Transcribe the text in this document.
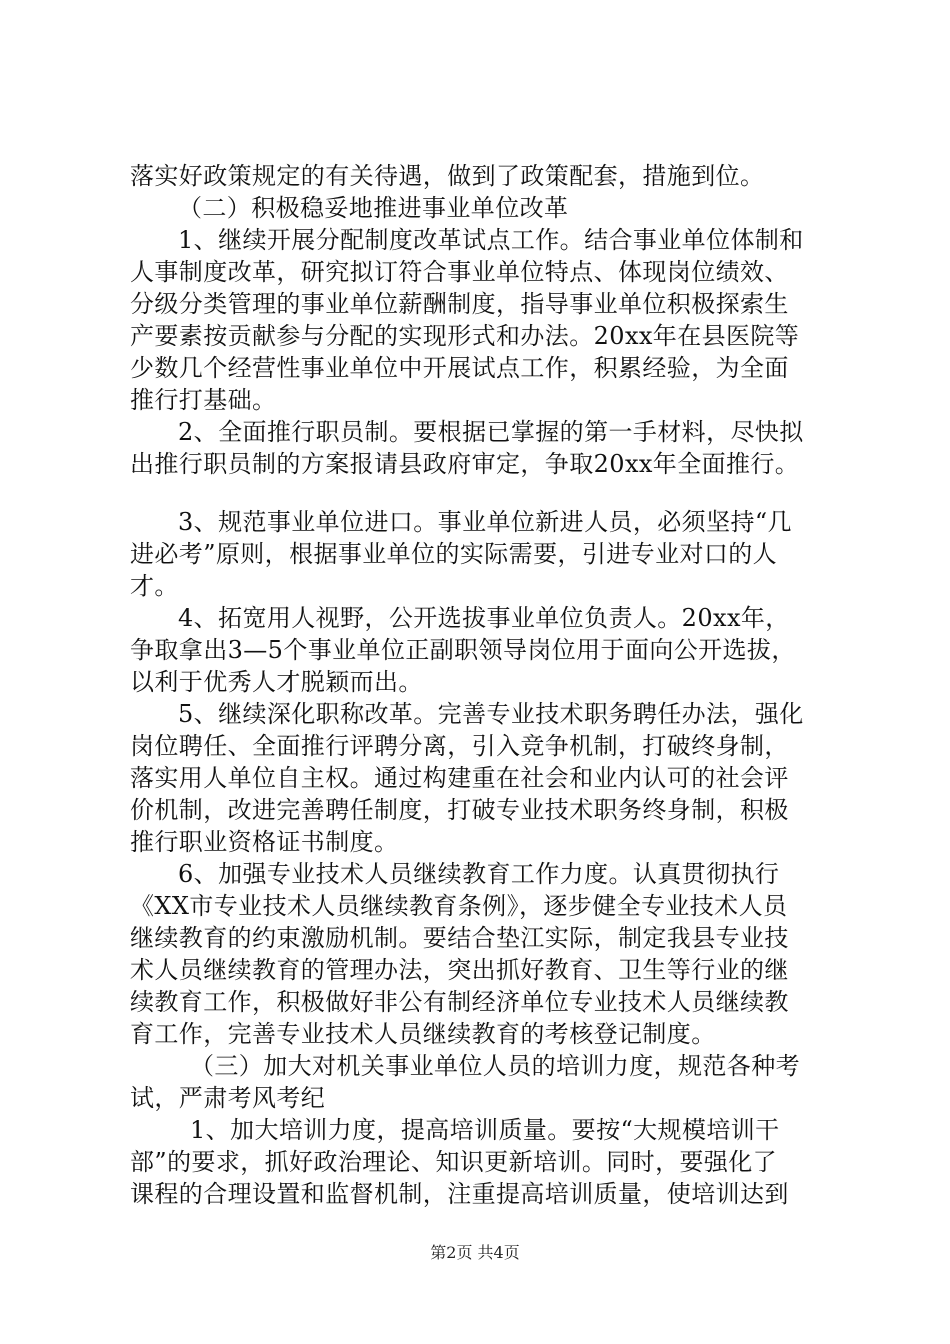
落实好政策规定的有关待遇，做到了政策配套，措施到位。
（二）积极稳妥地推进事业单位改革
1、继续开展分配制度改革试点工作。结合事业单位体制和
人事制度改革，研究拟订符合事业单位特点、体现岗位绩效、
分级分类管理的事业单位薪酬制度，指导事业单位积极探索生
产要素按贡献参与分配的实现形式和办法。20xx年在县医院等
少数几个经营性事业单位中开展试点工作，积累经验，为全面
推行打基础。
2、全面推行职员制。要根据已掌握的第一手材料，尽快拟
出推行职员制的方案报请县政府审定，争取20xx年全面推行。
3、规范事业单位进口。事业单位新进人员，必须坚持“几
进必考”原则，根据事业单位的实际需要，引进专业对口的人
才。
4、拓宽用人视野，公开选拔事业单位负责人。20xx年，
争取拿出3—5个事业单位正副职领导岗位用于面向公开选拔，
以利于优秀人才脱颖而出。
5、继续深化职称改革。完善专业技术职务聘任办法，强化
岗位聘任、全面推行评聘分离，引入竞争机制，打破终身制，
落实用人单位自主权。通过构建重在社会和业内认可的社会评
价机制，改进完善聘任制度，打破专业技术职务终身制，积极
推行职业资格证书制度。
6、加强专业技术人员继续教育工作力度。认真贯彻执行
《XX市专业技术人员继续教育条例》，逐步健全专业技术人员
继续教育的约束激励机制。要结合垫江实际，制定我县专业技
术人员继续教育的管理办法，突出抓好教育、卫生等行业的继
续教育工作，积极做好非公有制经济单位专业技术人员继续教
育工作，完善专业技术人员继续教育的考核登记制度。
（三）加大对机关事业单位人员的培训力度，规范各种考
试，严肃考风考纪
1、加大培训力度，提高培训质量。要按“大规模培训干
部”的要求，抓好政治理论、知识更新培训。同时，要强化了
课程的合理设置和监督机制，注重提高培训质量，使培训达到
第2页 共4页
